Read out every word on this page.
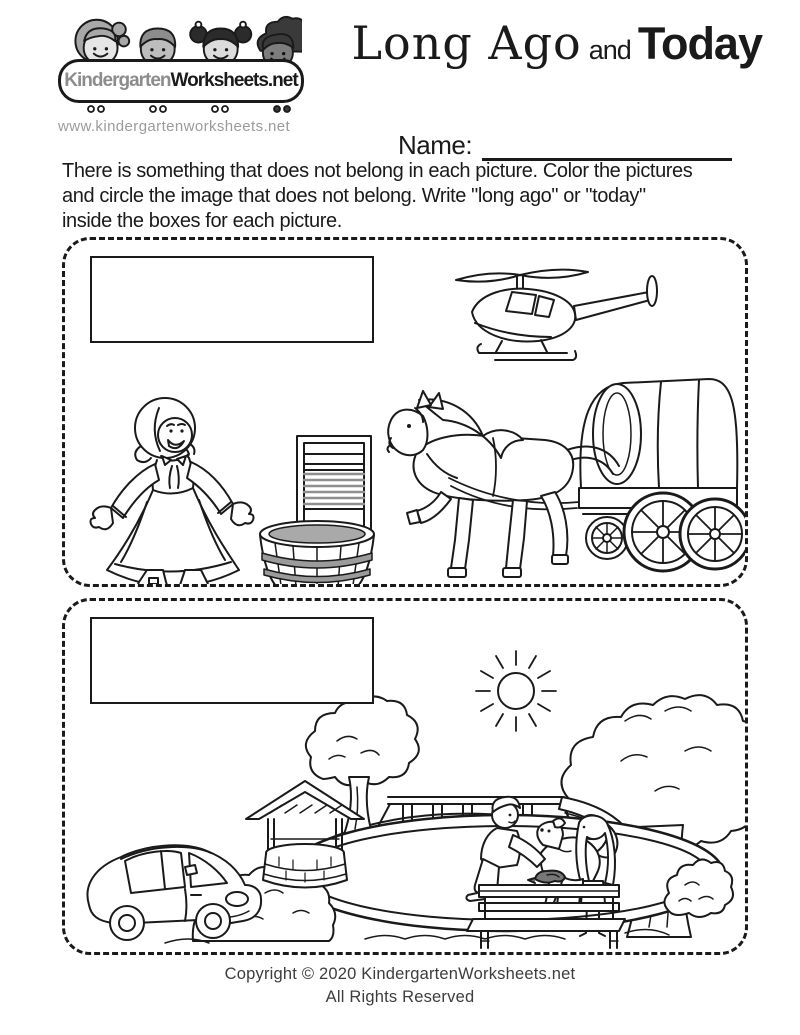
KindergartenWorksheets.net
www.kindergartenworksheets.net
Long Ago and Today
Name:
There is something that does not belong in each picture. Color the pictures
and circle the image that does not belong. Write "long ago" or "today"
inside the boxes for each picture.
Copyright © 2020 KindergartenWorksheets.net
All Rights Reserved
